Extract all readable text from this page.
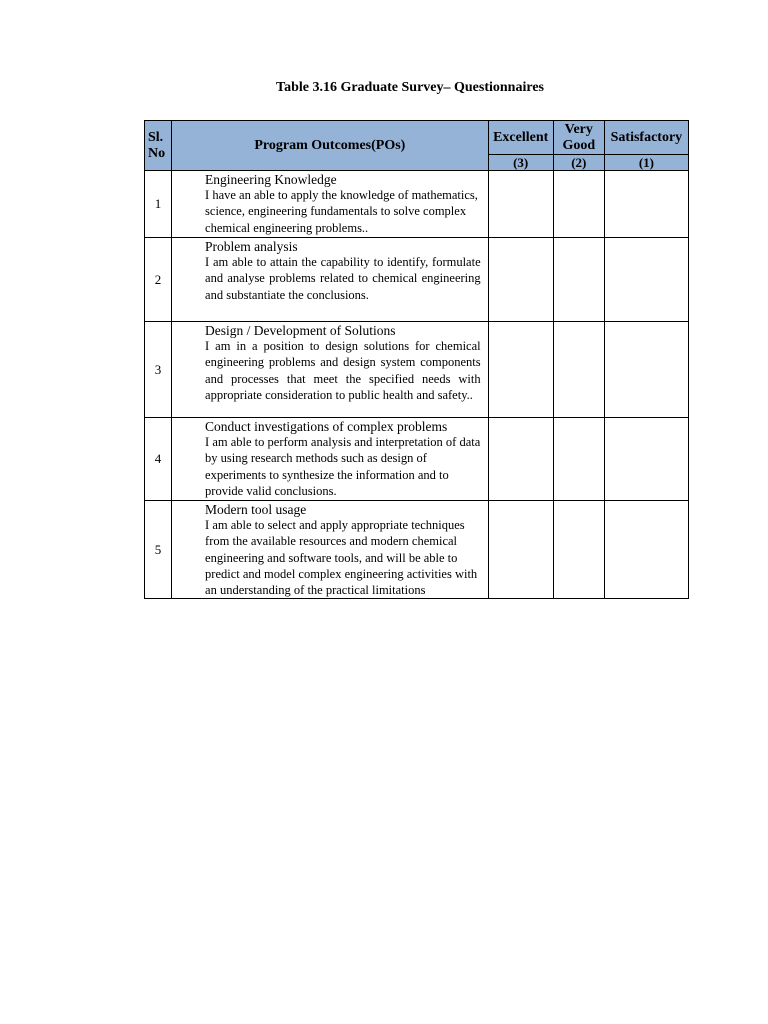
Table 3.16 Graduate Survey– Questionnaires
Sl. No	Program Outcomes(POs)	Excellent	Very Good	Satisfactory
		(3)	(2)	(1)
1	Engineering Knowledge
I have an able to apply the knowledge of mathematics, science, engineering fundamentals to solve complex chemical engineering problems..			

2	Problem analysis
I am able to attain the capability to identify, formulate and analyse problems related to chemical engineering and substantiate the conclusions.			

3	Design / Development of Solutions
I am in a position to design solutions for chemical engineering problems and design system components and processes that meet the specified needs with appropriate consideration to public health and safety..			

4	Conduct investigations of complex problems
I am able to perform analysis and interpretation of data by using research methods such as design of experiments to synthesize the information and to provide valid conclusions.			

5	Modern tool usage
I am able to select and apply appropriate techniques from the available resources and modern chemical engineering and software tools, and will be able to predict and model complex engineering activities with an understanding of the practical limitations			
